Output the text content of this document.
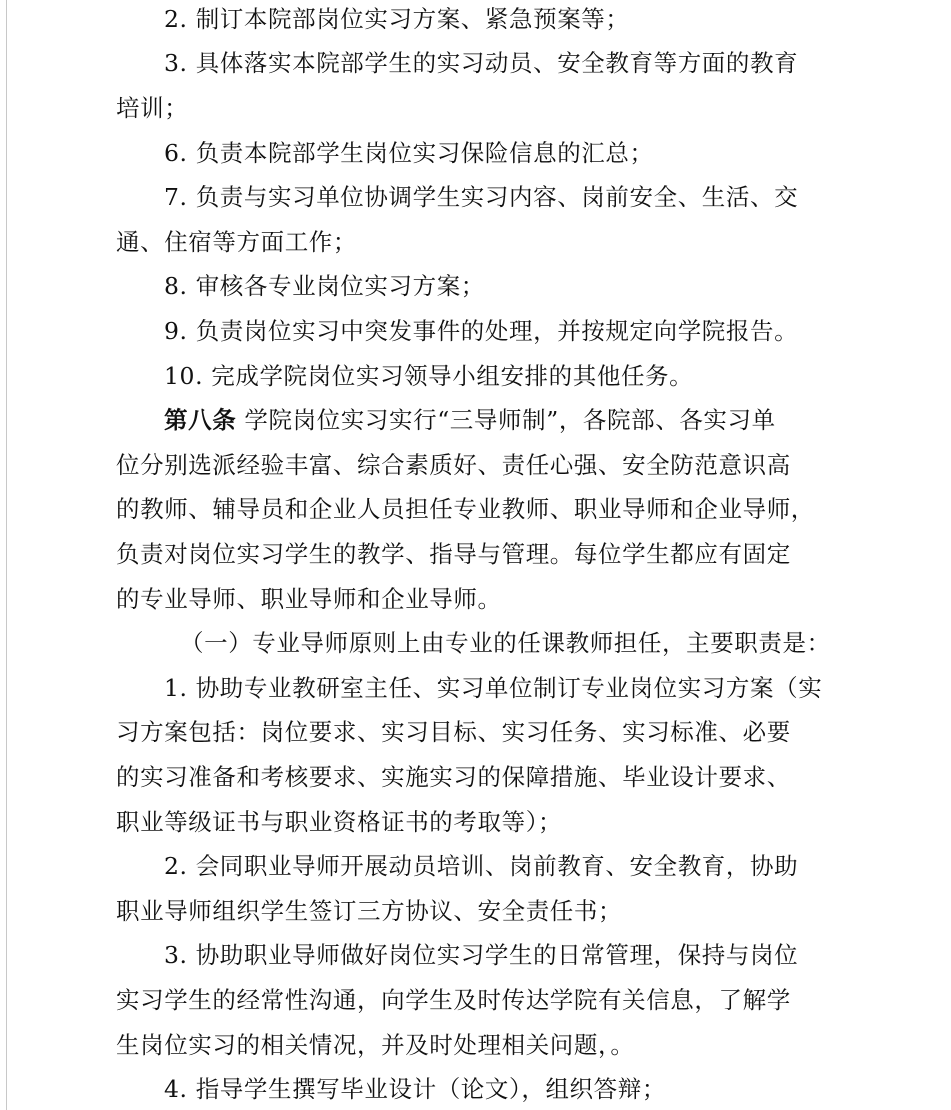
2. 制订本院部岗位实习方案、紧急预案等；
3. 具体落实本院部学生的实习动员、安全教育等方面的教育
培训；
6. 负责本院部学生岗位实习保险信息的汇总；
7. 负责与实习单位协调学生实习内容、岗前安全、生活、交
通、住宿等方面工作；
8. 审核各专业岗位实习方案；
9. 负责岗位实习中突发事件的处理，并按规定向学院报告。
10. 完成学院岗位实习领导小组安排的其他任务。
第八条 学院岗位实习实行“三导师制”，各院部、各实习单
位分别选派经验丰富、综合素质好、责任心强、安全防范意识高
的教师、辅导员和企业人员担任专业教师、职业导师和企业导师，
负责对岗位实习学生的教学、指导与管理。每位学生都应有固定
的专业导师、职业导师和企业导师。
（一）专业导师原则上由专业的任课教师担任，主要职责是：
1. 协助专业教研室主任、实习单位制订专业岗位实习方案（实
习方案包括：岗位要求、实习目标、实习任务、实习标准、必要
的实习准备和考核要求、实施实习的保障措施、毕业设计要求、
职业等级证书与职业资格证书的考取等）；
2. 会同职业导师开展动员培训、岗前教育、安全教育，协助
职业导师组织学生签订三方协议、安全责任书；
3. 协助职业导师做好岗位实习学生的日常管理，保持与岗位
实习学生的经常性沟通，向学生及时传达学院有关信息，了解学
生岗位实习的相关情况，并及时处理相关问题，。
4. 指导学生撰写毕业设计（论文），组织答辩；
